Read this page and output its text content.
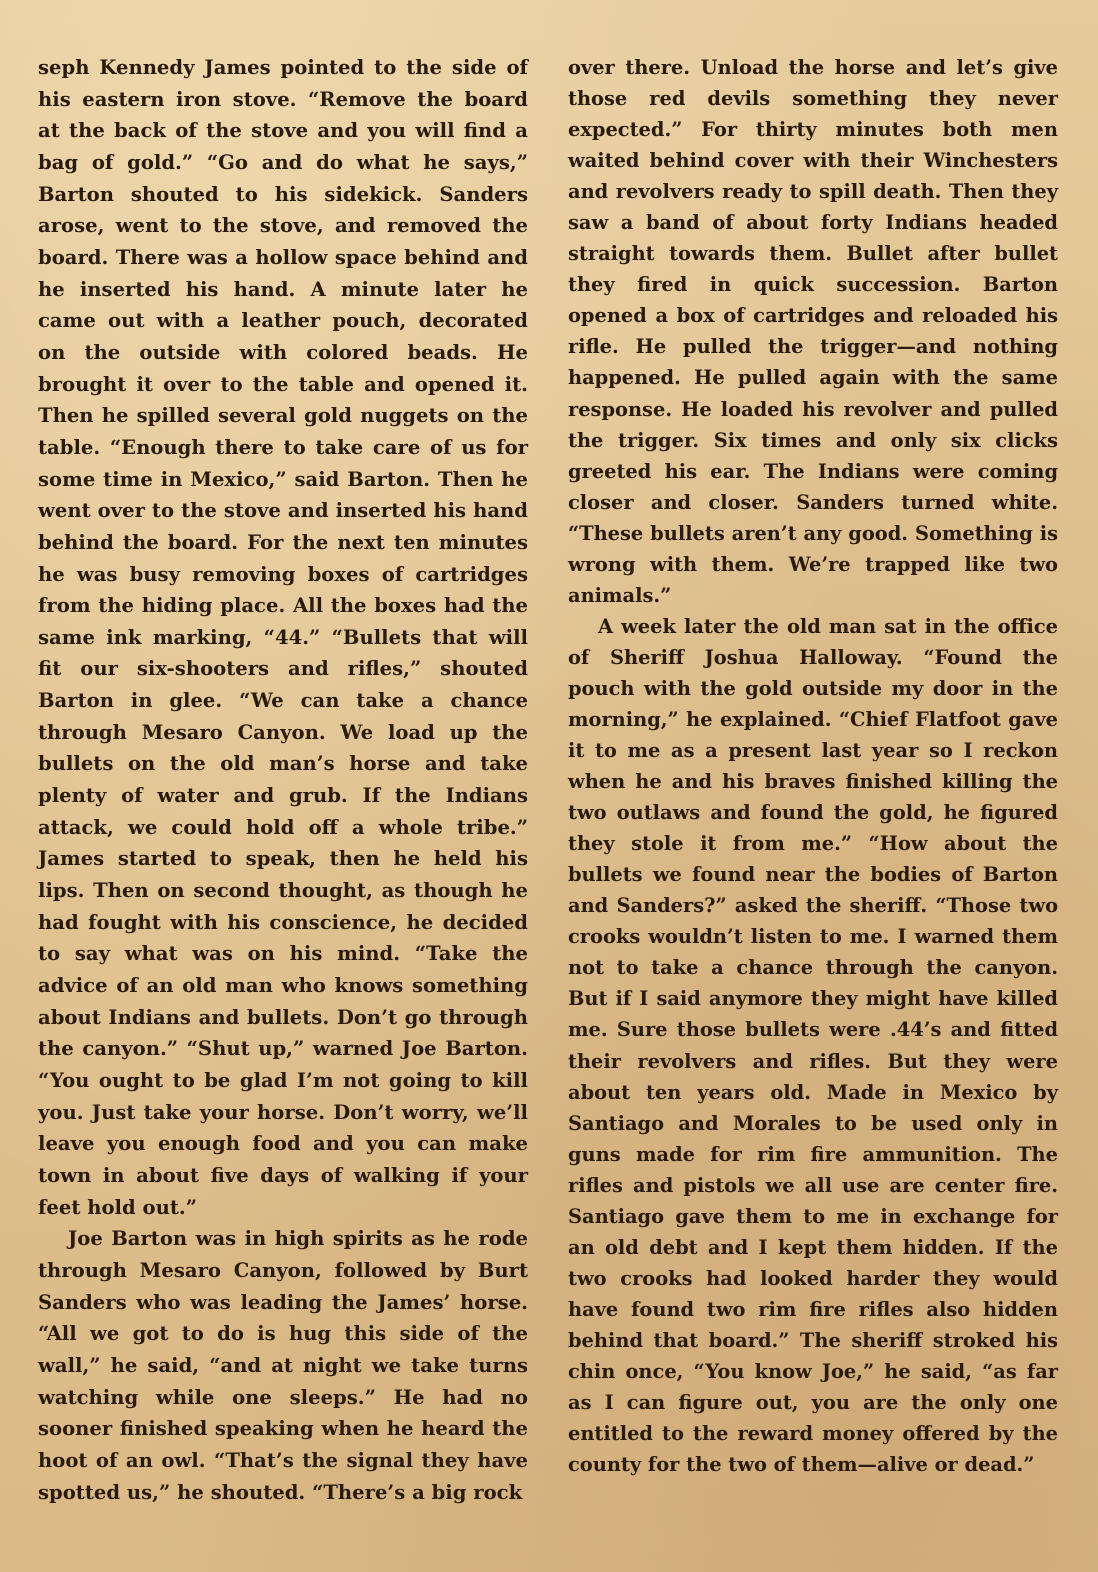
seph Kennedy James pointed to the side of his eastern iron stove. “Remove the board at the back of the stove and you will find a bag of gold.” “Go and do what he says,” Barton shouted to his sidekick. Sanders arose, went to the stove, and removed the board. There was a hollow space behind and he inserted his hand. A minute later he came out with a leather pouch, decorated on the outside with colored beads. He brought it over to the table and opened it. Then he spilled several gold nuggets on the table. “Enough there to take care of us for some time in Mexico,” said Barton. Then he went over to the stove and inserted his hand behind the board. For the next ten minutes he was busy removing boxes of cartridges from the hiding place. All the boxes had the same ink marking, “44.” “Bullets that will fit our six-shooters and rifles,” shouted Barton in glee. “We can take a chance through Mesaro Canyon. We load up the bullets on the old man’s horse and take plenty of water and grub. If the Indians attack, we could hold off a whole tribe.” James started to speak, then he held his lips. Then on second thought, as though he had fought with his conscience, he decided to say what was on his mind. “Take the advice of an old man who knows something about Indians and bullets. Don’t go through the canyon.” “Shut up,” warned Joe Barton. “You ought to be glad I’m not going to kill you. Just take your horse. Don’t worry, we’ll leave you enough food and you can make town in about five days of walking if your feet hold out.”

Joe Barton was in high spirits as he rode through Mesaro Canyon, followed by Burt Sanders who was leading the James’ horse. “All we got to do is hug this side of the wall,” he said, “and at night we take turns watching while one sleeps.” He had no sooner finished speaking when he heard the hoot of an owl. “That’s the signal they have spotted us,” he shouted. “There’s a big rock

over there. Unload the horse and let’s give those red devils something they never expected.” For thirty minutes both men waited behind cover with their Winchesters and revolvers ready to spill death. Then they saw a band of about forty Indians headed straight towards them. Bullet after bullet they fired in quick succession. Barton opened a box of cartridges and reloaded his rifle. He pulled the trigger—and nothing happened. He pulled again with the same response. He loaded his revolver and pulled the trigger. Six times and only six clicks greeted his ear. The Indians were coming closer and closer. Sanders turned white. “These bullets aren’t any good. Something is wrong with them. We’re trapped like two animals.”

A week later the old man sat in the office of Sheriff Joshua Halloway. “Found the pouch with the gold outside my door in the morning,” he explained. “Chief Flatfoot gave it to me as a present last year so I reckon when he and his braves finished killing the two outlaws and found the gold, he figured they stole it from me.” “How about the bullets we found near the bodies of Barton and Sanders?” asked the sheriff. “Those two crooks wouldn’t listen to me. I warned them not to take a chance through the canyon. But if I said anymore they might have killed me. Sure those bullets were .44’s and fitted their revolvers and rifles. But they were about ten years old. Made in Mexico by Santiago and Morales to be used only in guns made for rim fire ammunition. The rifles and pistols we all use are center fire. Santiago gave them to me in exchange for an old debt and I kept them hidden. If the two crooks had looked harder they would have found two rim fire rifles also hidden behind that board.” The sheriff stroked his chin once, “You know Joe,” he said, “as far as I can figure out, you are the only one entitled to the reward money offered by the county for the two of them—alive or dead.”
